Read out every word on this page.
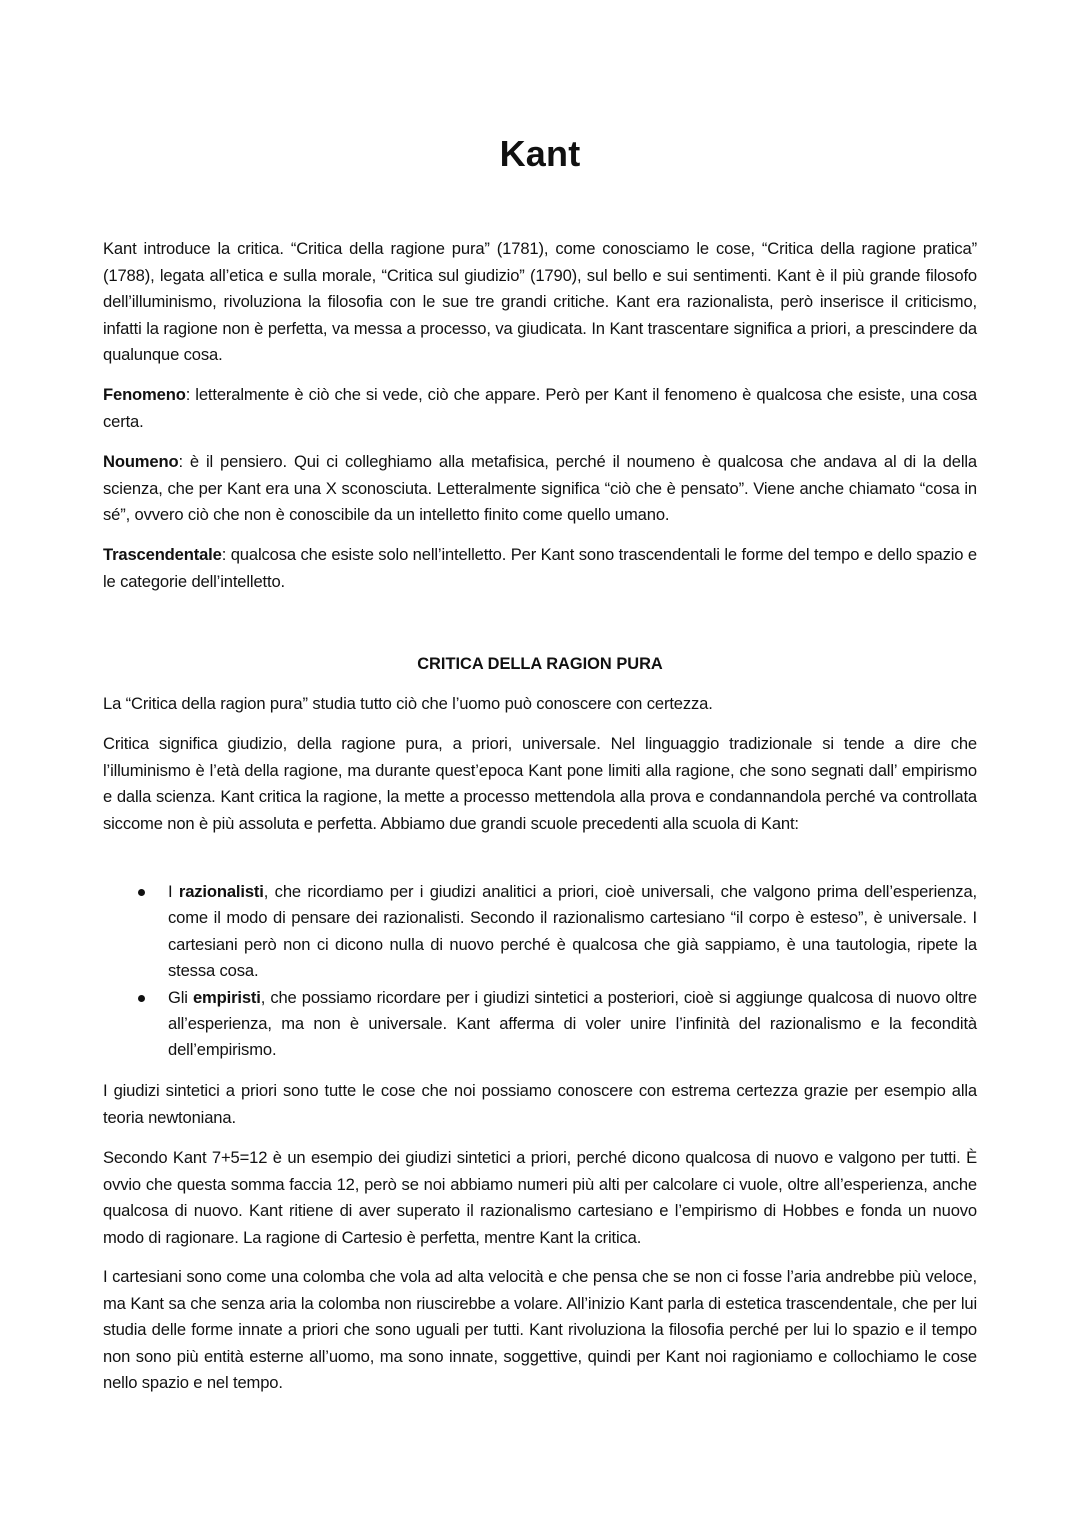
Kant

Kant introduce la critica. “Critica della ragione pura” (1781), come conosciamo le cose, “Critica della ragione pratica” (1788), legata all’etica e sulla morale, “Critica sul giudizio” (1790), sul bello e sui sentimenti. Kant è il più grande filosofo dell’illuminismo, rivoluziona la filosofia con le sue tre grandi critiche. Kant era razionalista, però inserisce il criticismo, infatti la ragione non è perfetta, va messa a processo, va giudicata. In Kant trascentare significa a priori, a prescindere da qualunque cosa.

Fenomeno: letteralmente è ciò che si vede, ciò che appare. Però per Kant il fenomeno è qualcosa che esiste, una cosa certa.

Noumeno: è il pensiero. Qui ci colleghiamo alla metafisica, perché il noumeno è qualcosa che andava al di la della scienza, che per Kant era una X sconosciuta. Letteralmente significa “ciò che è pensato”. Viene anche chiamato “cosa in sé”, ovvero ciò che non è conoscibile da un intelletto finito come quello umano.

Trascendentale: qualcosa che esiste solo nell’intelletto. Per Kant sono trascendentali le forme del tempo e dello spazio e le categorie dell’intelletto.

CRITICA DELLA RAGION PURA

La “Critica della ragion pura” studia tutto ciò che l’uomo può conoscere con certezza.

Critica significa giudizio, della ragione pura, a priori, universale. Nel linguaggio tradizionale si tende a dire che l’illuminismo è l’età della ragione, ma durante quest’epoca Kant pone limiti alla ragione, che sono segnati dall’ empirismo e dalla scienza. Kant critica la ragione, la mette a processo mettendola alla prova e condannandola perché va controllata siccome non è più assoluta e perfetta. Abbiamo due grandi scuole precedenti alla scuola di Kant:

I razionalisti, che ricordiamo per i giudizi analitici a priori, cioè universali, che valgono prima dell’esperienza, come il modo di pensare dei razionalisti. Secondo il razionalismo cartesiano “il corpo è esteso”, è universale. I cartesiani però non ci dicono nulla di nuovo perché è qualcosa che già sappiamo, è una tautologia, ripete la stessa cosa.
Gli empiristi, che possiamo ricordare per i giudizi sintetici a posteriori, cioè si aggiunge qualcosa di nuovo oltre all’esperienza, ma non è universale. Kant afferma di voler unire l’infinità del razionalismo e la fecondità dell’empirismo.

I giudizi sintetici a priori sono tutte le cose che noi possiamo conoscere con estrema certezza grazie per esempio alla teoria newtoniana.

Secondo Kant 7+5=12 è un esempio dei giudizi sintetici a priori, perché dicono qualcosa di nuovo e valgono per tutti. È ovvio che questa somma faccia 12, però se noi abbiamo numeri più alti per calcolare ci vuole, oltre all’esperienza, anche qualcosa di nuovo. Kant ritiene di aver superato il razionalismo cartesiano e l’empirismo di Hobbes e fonda un nuovo modo di ragionare. La ragione di Cartesio è perfetta, mentre Kant la critica.

I cartesiani sono come una colomba che vola ad alta velocità e che pensa che se non ci fosse l’aria andrebbe più veloce, ma Kant sa che senza aria la colomba non riuscirebbe a volare. All’inizio Kant parla di estetica trascendentale, che per lui studia delle forme innate a priori che sono uguali per tutti. Kant rivoluziona la filosofia perché per lui lo spazio e il tempo non sono più entità esterne all’uomo, ma sono innate, soggettive, quindi per Kant noi ragioniamo e collochiamo le cose nello spazio e nel tempo.
